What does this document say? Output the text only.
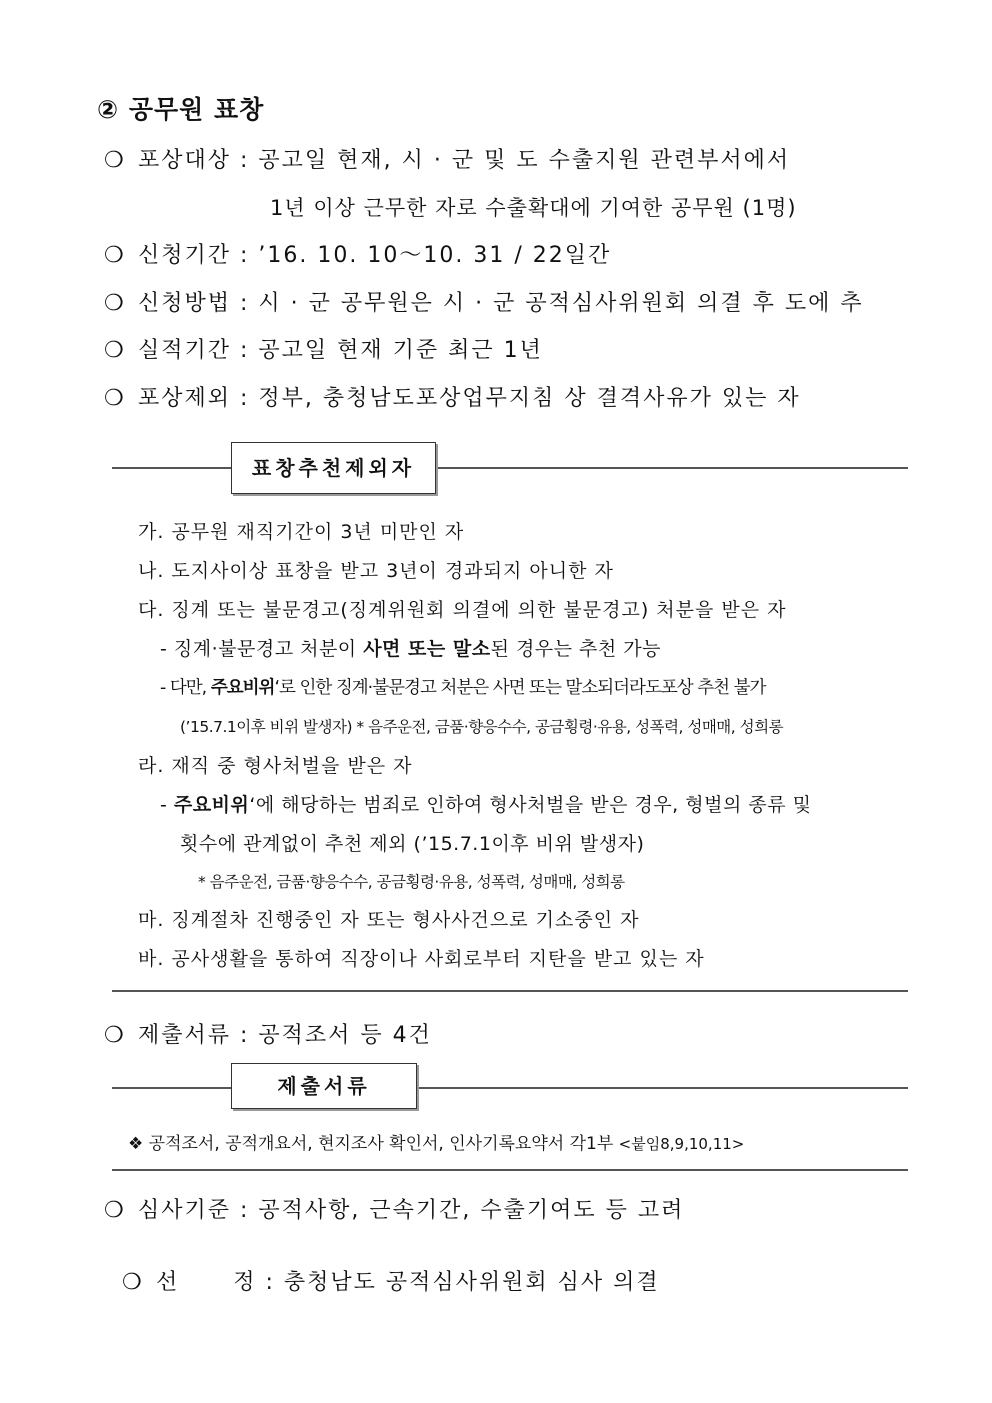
② 공무원 표창
❍ 포상대상 : 공고일 현재, 시 · 군 및 도 수출지원 관련부서에서
1년 이상 근무한 자로 수출확대에 기여한 공무원 (1명)
❍ 신청기간 : ’16. 10. 10～10. 31 / 22일간
❍ 신청방법 : 시 · 군 공무원은 시 · 군 공적심사위원회 의결 후 도에 추
❍ 실적기간 : 공고일 현재 기준 최근 1년
❍ 포상제외 : 정부, 충청남도포상업무지침 상 결격사유가 있는 자
표창추천제외자
가. 공무원 재직기간이 3년 미만인 자
나. 도지사이상 표창을 받고 3년이 경과되지 아니한 자
다. 징계 또는 불문경고(징계위원회 의결에 의한 불문경고) 처분을 받은 자
- 징계·불문경고 처분이 사면 또는 말소된 경우는 추천 가능
- 다만, 주요비위‘로 인한 징계·불문경고 처분은 사면 또는 말소되더라도포상 추천 불가
(’15.7.1이후 비위 발생자) * 음주운전, 금품·향응수수, 공금횡령·유용, 성폭력, 성매매, 성희롱
라. 재직 중 형사처벌을 받은 자
- 주요비위‘에 해당하는 범죄로 인하여 형사처벌을 받은 경우, 형벌의 종류 및
횟수에 관계없이 추천 제외 (’15.7.1이후 비위 발생자)
* 음주운전, 금품·향응수수, 공금횡령·유용, 성폭력, 성매매, 성희롱
마. 징계절차 진행중인 자 또는 형사사건으로 기소중인 자
바. 공사생활을 통하여 직장이나 사회로부터 지탄을 받고 있는 자
❍ 제출서류 : 공적조서 등 4건
제출서류
❖ 공적조서, 공적개요서, 현지조사 확인서, 인사기록요약서 각1부 <붙임8,9,10,11>
❍ 심사기준 : 공적사항, 근속기간, 수출기여도 등 고려

❍ 선      정 : 충청남도 공적심사위원회 심사 의결
